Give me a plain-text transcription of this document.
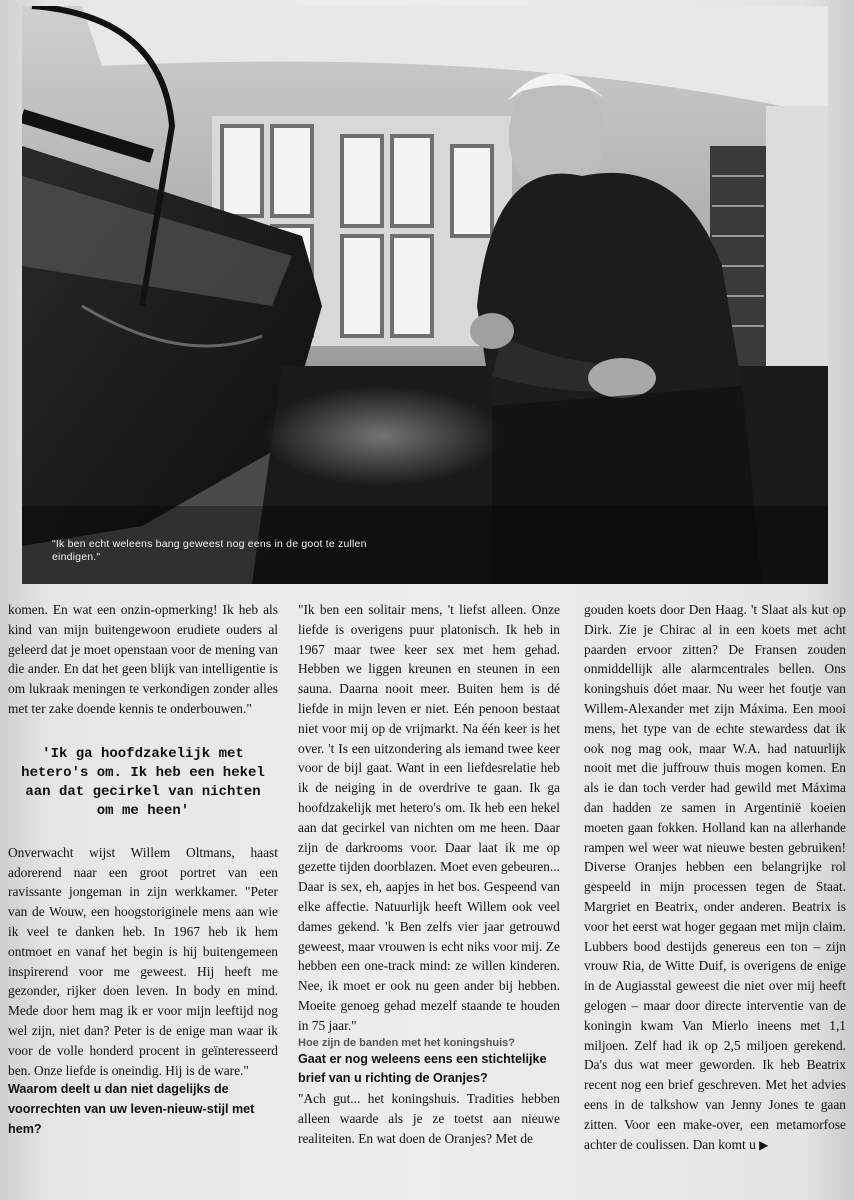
"Ik ben echt weleens bang geweest nog eens in de goot te zullen eindigen."

komen. En wat een onzin-opmerking! Ik heb als kind van mijn buitengewoon erudiete ouders al geleerd dat je moet openstaan voor de mening van die ander. En dat het geen blijk van intelligentie is om lukraak meningen te verkondigen zonder alles met ter zake doende kennis te onderbouwen."

'Ik ga hoofdzakelijk met hetero's om. Ik heb een hekel aan dat gecirkel van nichten om me heen'

Onverwacht wijst Willem Oltmans, haast adorerend naar een groot portret van een ravissante jongeman in zijn werkkamer. "Peter van de Wouw, een hoogstoriginele mens aan wie ik veel te danken heb. In 1967 heb ik hem ontmoet en vanaf het begin is hij buitengemeen inspirerend voor me geweest. Hij heeft me gezonder, rijker doen leven. In body en mind. Mede door hem mag ik er voor mijn leeftijd nog wel zijn, niet dan? Peter is de enige man waar ik voor de volle honderd procent in geïnteresseerd ben. Onze liefde is oneindig. Hij is de ware."

Waarom deelt u dan niet dagelijks de voorrechten van uw leven-nieuw-stijl met hem?

"Ik ben een solitair mens, 't liefst alleen. Onze liefde is overigens puur platonisch. Ik heb in 1967 maar twee keer sex met hem gehad. Hebben we liggen kreunen en steunen in een sauna. Daarna nooit meer. Buiten hem is dé liefde in mijn leven er niet. Eén penoon bestaat niet voor mij op de vrijmarkt. Na één keer is het over. 't Is een uitzondering als iemand twee keer voor de bijl gaat. Want in een liefdesrelatie heb ik de neiging in de overdrive te gaan. Ik ga hoofdzakelijk met hetero's om. Ik heb een hekel aan dat gecirkel van nichten om me heen. Daar zijn de darkrooms voor. Daar laat ik me op gezette tijden doorblazen. Moet even gebeuren... Daar is sex, eh, aapjes in het bos. Gespeend van elke affectie. Natuurlijk heeft Willem ook veel dames gekend. 'k Ben zelfs vier jaar getrouwd geweest, maar vrouwen is echt niks voor mij. Ze hebben een one-track mind: ze willen kinderen. Nee, ik moet er ook nu geen ander bij hebben. Moeite genoeg gehad mezelf staande te houden in 75 jaar."

Hoe zijn de banden met het koningshuis?

Gaat er nog weleens eens een stichtelijke brief van u richting de Oranjes?

"Ach gut... het koningshuis. Tradities hebben alleen waarde als je ze toetst aan nieuwe realiteiten. En wat doen de Oranjes? Met de

gouden koets door Den Haag. 't Slaat als kut op Dirk. Zie je Chirac al in een koets met acht paarden ervoor zitten? De Fransen zouden onmiddellijk alle alarmcentrales bellen. Ons koningshuis dóet maar. Nu weer het foutje van Willem-Alexander met zijn Máxima. Een mooi mens, het type van de echte stewardess dat ik ook nog mag ook, maar W.A. had natuurlijk nooit met die juffrouw thuis mogen komen. En als ie dan toch verder had gewild met Máxima dan hadden ze samen in Argentinië koeien moeten gaan fokken. Holland kan na allerhande rampen wel weer wat nieuwe besten gebruiken! Diverse Oranjes hebben een belangrijke rol gespeeld in mijn processen tegen de Staat. Margriet en Beatrix, onder anderen. Beatrix is voor het eerst wat hoger gegaan met mijn claim. Lubbers bood destijds genereus een ton – zijn vrouw Ria, de Witte Duif, is overigens de enige in de Augiasstal geweest die niet over mij heeft gelogen – maar door directe interventie van de koningin kwam Van Mierlo ineens met 1,1 miljoen. Zelf had ik op 2,5 miljoen gerekend. Da's dus wat meer geworden. Ik heb Beatrix recent nog een brief geschreven. Met het advies eens in de talkshow van Jenny Jones te gaan zitten. Voor een make-over, een metamorfose achter de coulissen. Dan komt u ▶
